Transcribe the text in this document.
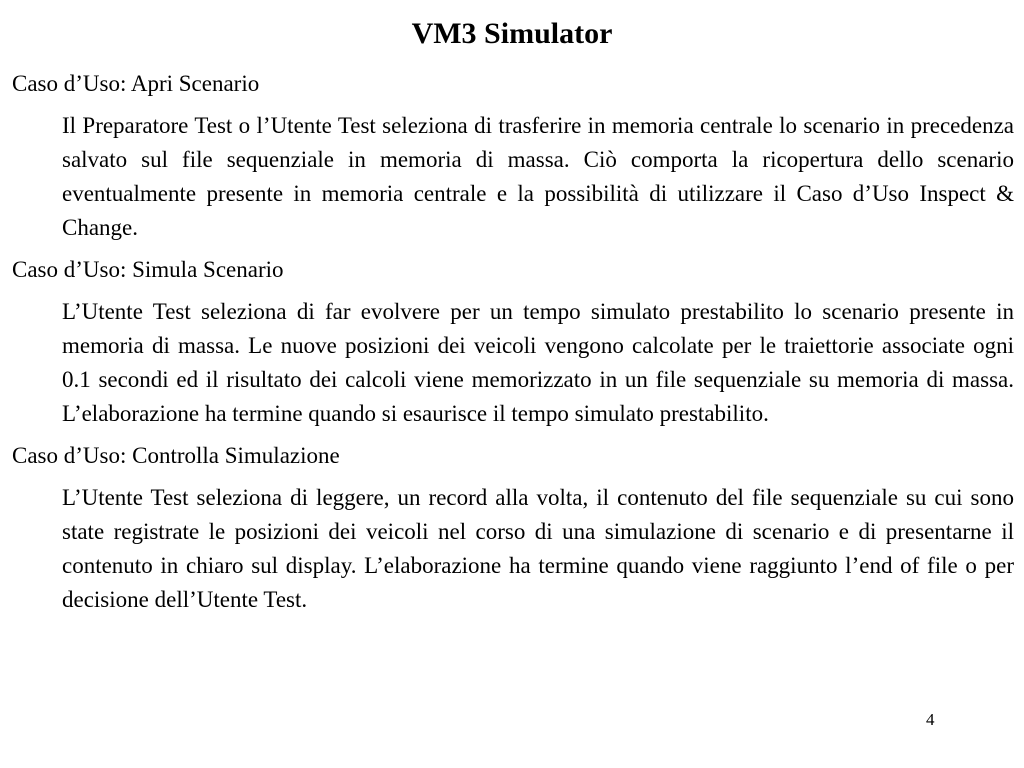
VM3 Simulator
Caso d’Uso: Apri Scenario
Il Preparatore Test o l’Utente Test seleziona di trasferire in memoria centrale lo scenario in precedenza salvato sul file sequenziale in memoria di massa. Ciò comporta la ricopertura dello scenario eventualmente presente in memoria centrale e la possibilità di utilizzare il Caso d’Uso Inspect & Change.
Caso d’Uso: Simula Scenario
L’Utente Test seleziona di far evolvere per un tempo simulato prestabilito lo scenario presente in memoria di massa. Le nuove posizioni dei veicoli vengono calcolate per le traiettorie associate ogni 0.1 secondi ed il risultato dei calcoli viene memorizzato in un file sequenziale su memoria di massa. L’elaborazione ha termine quando si esaurisce il tempo simulato prestabilito.
Caso d’Uso: Controlla Simulazione
L’Utente Test seleziona di leggere, un record alla volta, il contenuto del file sequenziale su cui sono state registrate le posizioni dei veicoli nel corso di una simulazione di scenario e di presentarne il contenuto in chiaro sul display. L’elaborazione ha termine quando viene raggiunto l’end of file o per decisione dell’Utente Test.
4
